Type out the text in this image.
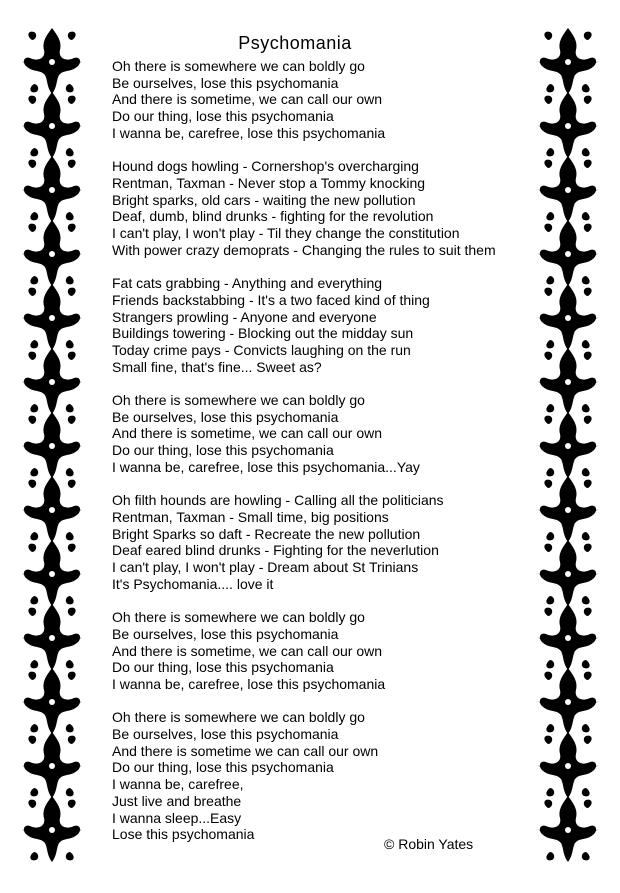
Psychomania
Oh there is somewhere we can boldly go
Be ourselves, lose this psychomania
And there is sometime, we can call our own
Do our thing, lose this psychomania
I wanna be, carefree, lose this psychomania
Hound dogs howling - Cornershop's overcharging
Rentman, Taxman - Never stop a Tommy knocking
Bright sparks, old cars - waiting the new pollution
Deaf, dumb, blind drunks - fighting for the revolution
I can't play, I won't play - Til they change the constitution
With power crazy demoprats - Changing the rules to suit them
Fat cats grabbing - Anything and everything
Friends backstabbing - It's a two faced kind of thing
Strangers prowling - Anyone and everyone
Buildings towering - Blocking out the midday sun
Today crime pays - Convicts laughing on the run
Small fine, that's fine... Sweet as?
Oh there is somewhere we can boldly go
Be ourselves, lose this psychomania
And there is sometime, we can call our own
Do our thing, lose this psychomania
I wanna be, carefree, lose this psychomania...Yay
Oh filth hounds are howling - Calling all the politicians
Rentman, Taxman - Small time, big positions
Bright Sparks so daft - Recreate the new pollution
Deaf eared blind drunks - Fighting for the neverlution
I can't play, I won't play - Dream about St Trinians
It's Psychomania.... love it
Oh there is somewhere we can boldly go
Be ourselves, lose this psychomania
And there is sometime, we can call our own
Do our thing, lose this psychomania
I wanna be, carefree, lose this psychomania
Oh there is somewhere we can boldly go
Be ourselves, lose this psychomania
And there is sometime we can call our own
Do our thing, lose this psychomania
I wanna be, carefree,
Just live and breathe
I wanna sleep...Easy
Lose this psychomania
© Robin Yates
